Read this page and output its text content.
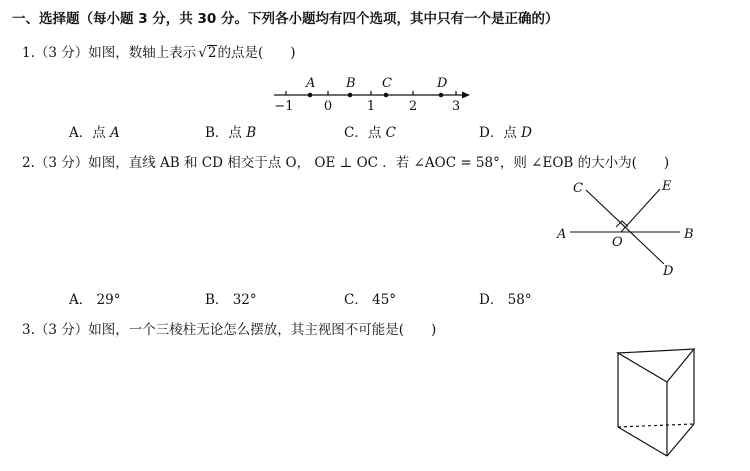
一、选择题（每小题 3 分，共 30 分。下列各小题均有四个选项，其中只有一个是正确的）
1.（3 分）如图，数轴上表示 √2的点是(　　)
A B C	D
−1 0	1	2	3
A．点 A	B．点 B	C．点 C	D．点 D
2.（3 分）如图，直线 AB 和 CD 相交于点 O， OE ⊥ OC ．若 ∠AOC = 58°，则 ∠EOB 的大小为(　　)
A	B
C
D
E
O
A． 29°	B． 32°	C． 45°	D． 58°
3.（3 分）如图，一个三棱柱无论怎么摆放，其主视图不可能是(　　)
